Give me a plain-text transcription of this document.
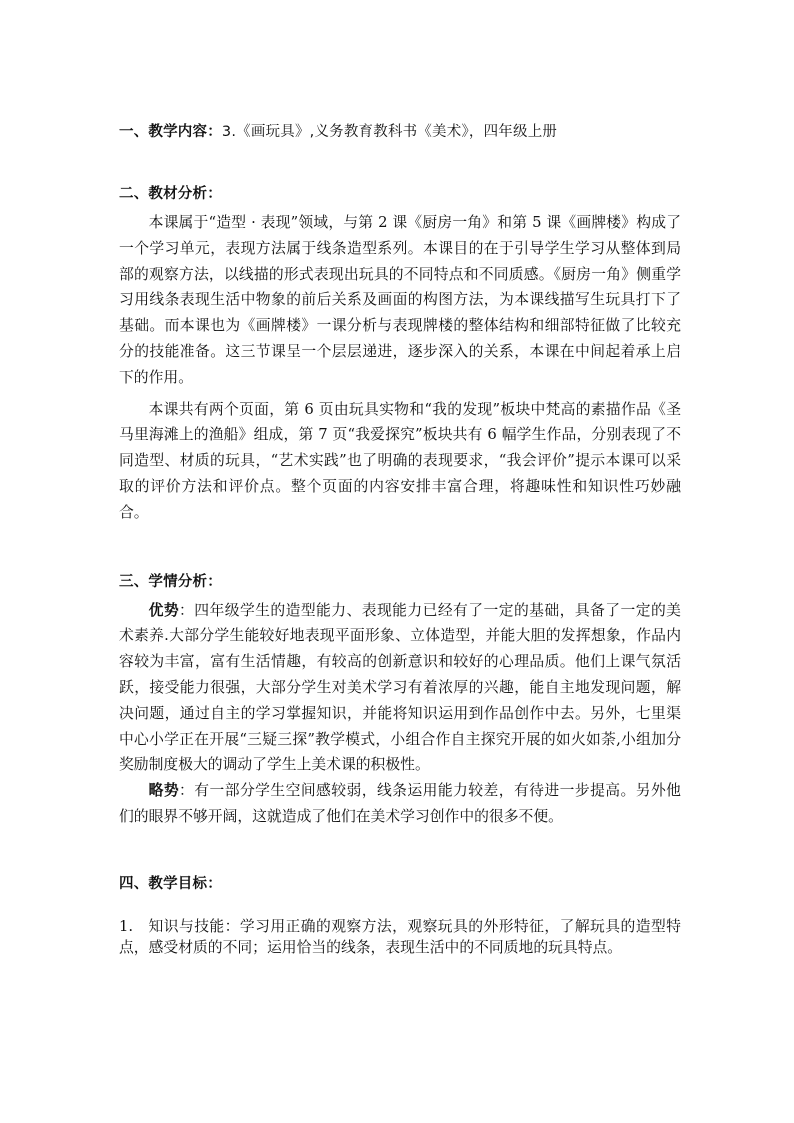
一、教学内容：3.《画玩具》,义务教育教科书《美术》，四年级上册

二、教材分析：

本课属于“造型 · 表现”领域，与第 2 课《厨房一角》和第 5 课《画牌楼》构成了一个学习单元，表现方法属于线条造型系列。本课目的在于引导学生学习从整体到局部的观察方法，以线描的形式表现出玩具的不同特点和不同质感。《厨房一角》侧重学习用线条表现生活中物象的前后关系及画面的构图方法，为本课线描写生玩具打下了基础。而本课也为《画牌楼》一课分析与表现牌楼的整体结构和细部特征做了比较充分的技能准备。这三节课呈一个层层递进，逐步深入的关系，本课在中间起着承上启下的作用。

本课共有两个页面，第 6 页由玩具实物和“我的发现”板块中梵高的素描作品《圣马里海滩上的渔船》组成，第 7 页“我爱探究”板块共有 6 幅学生作品，分别表现了不同造型、材质的玩具，“艺术实践”也了明确的表现要求，“我会评价”提示本课可以采取的评价方法和评价点。整个页面的内容安排丰富合理，将趣味性和知识性巧妙融合。

三、学情分析：

优势：四年级学生的造型能力、表现能力已经有了一定的基础，具备了一定的美术素养.大部分学生能较好地表现平面形象、立体造型，并能大胆的发挥想象，作品内容较为丰富，富有生活情趣，有较高的创新意识和较好的心理品质。他们上课气氛活跃，接受能力很强，大部分学生对美术学习有着浓厚的兴趣，能自主地发现问题，解决问题，通过自主的学习掌握知识，并能将知识运用到作品创作中去。另外，七里渠中心小学正在开展“三疑三探”教学模式，小组合作自主探究开展的如火如荼,小组加分奖励制度极大的调动了学生上美术课的积极性。

略势：有一部分学生空间感较弱，线条运用能力较差，有待进一步提高。另外他们的眼界不够开阔，这就造成了他们在美术学习创作中的很多不便。

四、教学目标：

1. 知识与技能：学习用正确的观察方法，观察玩具的外形特征，了解玩具的造型特点，感受材质的不同；运用恰当的线条，表现生活中的不同质地的玩具特点。
